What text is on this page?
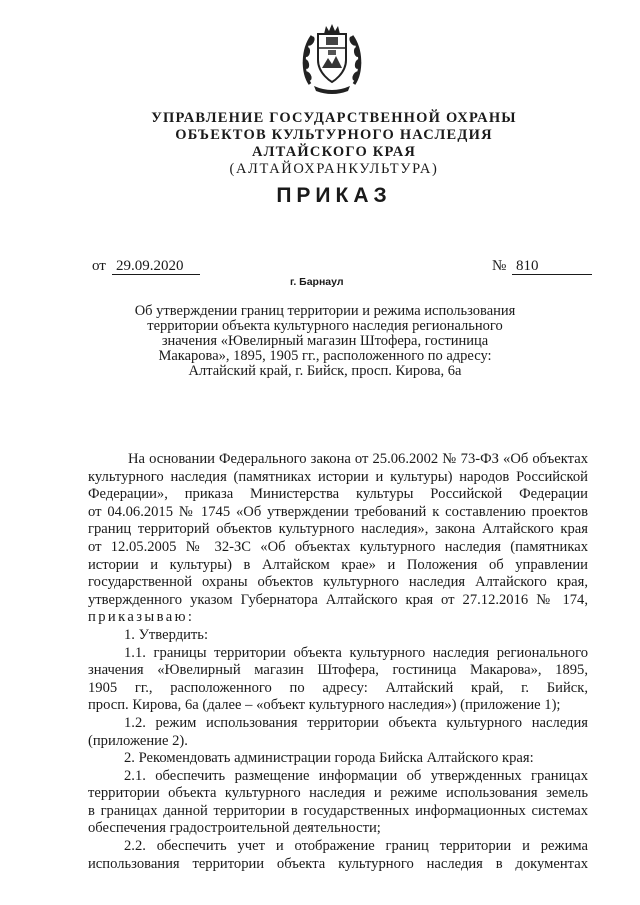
УПРАВЛЕНИЕ ГОСУДАРСТВЕННОЙ ОХРАНЫ
ОБЪЕКТОВ КУЛЬТУРНОГО НАСЛЕДИЯ
АЛТАЙСКОГО КРАЯ
(АЛТАЙОХРАНКУЛЬТУРА)
ПРИКАЗ
от 29.09.2020	№ 810
г. Барнаул
Об утверждении границ территории и режима использования
территории объекта культурного наследия регионального
значения «Ювелирный магазин Штофера, гостиница
Макарова», 1895, 1905 гг., расположенного по адресу:
Алтайский край, г. Бийск, просп. Кирова, 6а
На основании Федерального закона от 25.06.2002 № 73-ФЗ «Об объектах
культурного наследия (памятниках истории и культуры) народов Российской
Федерации», приказа Министерства культуры Российской Федерации
от 04.06.2015 № 1745 «Об утверждении требований к составлению проектов
границ территорий объектов культурного наследия», закона Алтайского края
от 12.05.2005 № 32-ЗС «Об объектах культурного наследия (памятниках
истории и культуры) в Алтайском крае» и Положения об управлении
государственной охраны объектов культурного наследия Алтайского края,
утвержденного указом Губернатора Алтайского края от 27.12.2016 № 174,
приказываю:
1. Утвердить:
1.1. границы территории объекта культурного наследия регионального
значения «Ювелирный магазин Штофера, гостиница Макарова», 1895,
1905 гг., расположенного по адресу: Алтайский край, г. Бийск,
просп. Кирова, 6а (далее – «объект культурного наследия») (приложение 1);
1.2. режим использования территории объекта культурного наследия
(приложение 2).
2. Рекомендовать администрации города Бийска Алтайского края:
2.1. обеспечить размещение информации об утвержденных границах
территории объекта культурного наследия и режиме использования земель
в границах данной территории в государственных информационных системах
обеспечения градостроительной деятельности;
2.2. обеспечить учет и отображение границ территории и режима
использования территории объекта культурного наследия в документах
